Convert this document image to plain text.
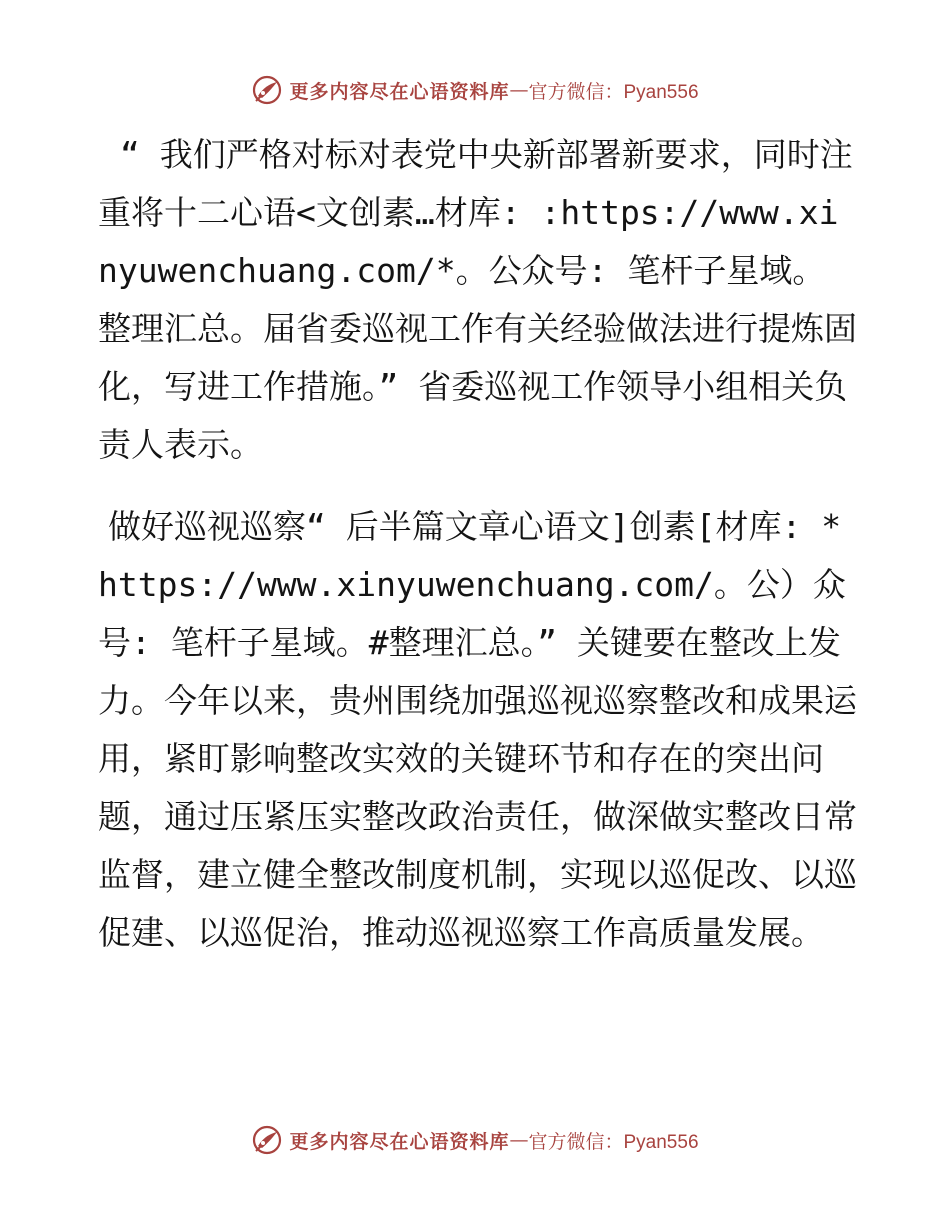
更多内容尽在心语资料库 — 官方微信：Pyan556

“ 我们严格对标对表党中央新部署新要求，同时注重将十二心语<文创素…材库: :https://www.xinyuwenchuang.com/*。公众号: 笔杆子星域。整理汇总。届省委巡视工作有关经验做法进行提炼固化，写进工作措施。” 省委巡视工作领导小组相关负责人表示。

做好巡视巡察“ 后半篇文章心语文]创素[材库: *https://www.xinyuwenchuang.com/。公）众号: 笔杆子星域。#整理汇总。” 关键要在整改上发力。今年以来，贵州围绕加强巡视巡察整改和成果运用，紧盯影响整改实效的关键环节和存在的突出问题，通过压紧压实整改政治责任，做深做实整改日常监督，建立健全整改制度机制，实现以巡促改、以巡促建、以巡促治，推动巡视巡察工作高质量发展。

更多内容尽在心语资料库 — 官方微信：Pyan556
